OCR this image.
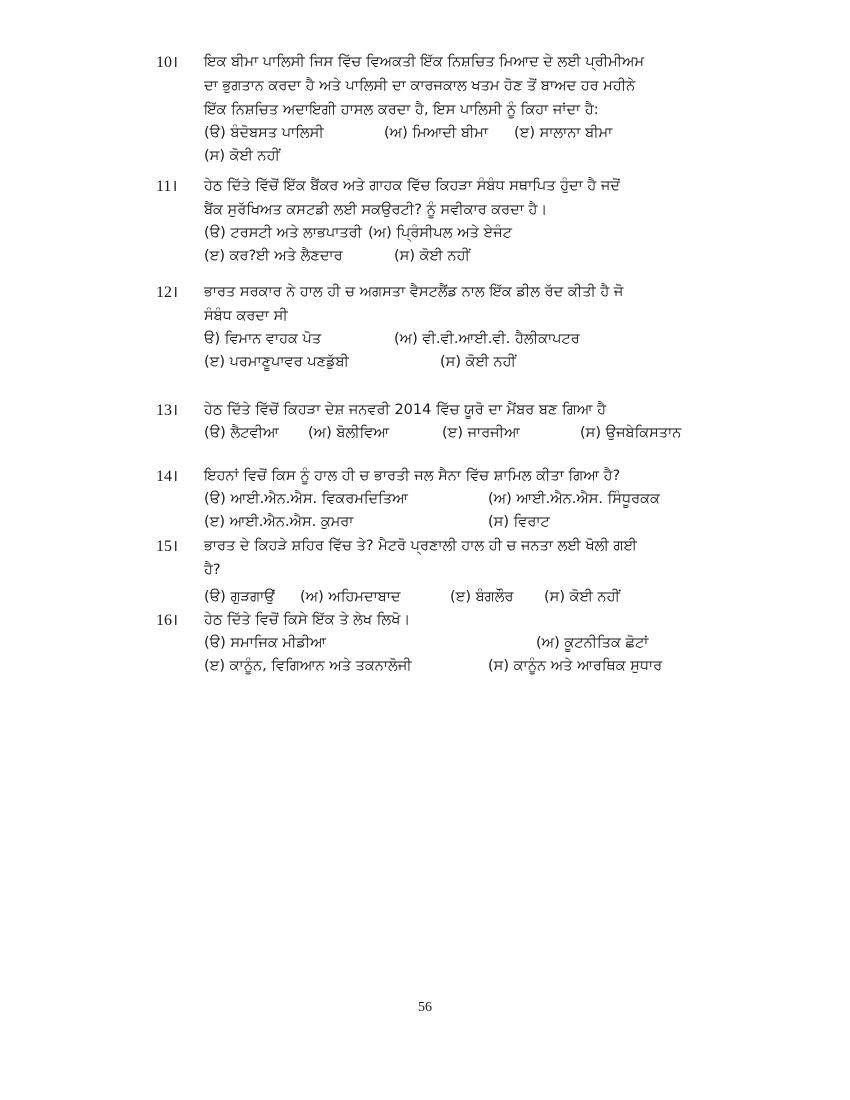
10।	ਇਕ ਬੀਮਾ ਪਾਲਿਸੀ ਜਿਸ ਵਿੱਚ ਵਿਅਕਤੀ ਇੱਕ ਨਿਸ਼ਚਿਤ ਮਿਆਦ ਦੇ ਲਈ ਪ੍ਰੀਮੀਅਮ
ਦਾ ਭੁਗਤਾਨ ਕਰਦਾ ਹੈ ਅਤੇ ਪਾਲਿਸੀ ਦਾ ਕਾਰਜਕਾਲ ਖਤਮ ਹੋਣ ਤੋਂ ਬਾਅਦ ਹਰ ਮਹੀਨੇ
ਇੱਕ ਨਿਸ਼ਚਿਤ ਅਦਾਇਗੀ ਹਾਸਲ ਕਰਦਾ ਹੈ, ਇਸ ਪਾਲਿਸੀ ਨੂੰ ਕਿਹਾ ਜਾਂਦਾ ਹੈ:
(ੳ) ਬੰਦੋਬਸਤ ਪਾਲਿਸੀ	(ਅ) ਮਿਆਦੀ ਬੀਮਾ	(ੲ) ਸਾਲਾਨਾ ਬੀਮਾ
(ਸ) ਕੋਈ ਨਹੀਂ
11।	ਹੇਠ ਦਿੱਤੇ ਵਿੱਚੋਂ ਇੱਕ ਬੈਂਕਰ ਅਤੇ ਗਾਹਕ ਵਿੱਚ ਕਿਹੜਾ ਸੰਬੰਧ ਸਥਾਪਿਤ ਹੁੰਦਾ ਹੈ ਜਦੋਂ
ਬੈਂਕ ਸੁਰੱਖਿਅਤ ਕਸਟਡੀ ਲਈ ਸਕਉਰਟੀ? ਨੂੰ ਸਵੀਕਾਰ ਕਰਦਾ ਹੈ।
(ੳ) ਟਰਸਟੀ ਅਤੇ ਲਾਭਪਾਤਰੀ (ਅ) ਪ੍ਰਿੰਸੀਪਲ ਅਤੇ ਏਜੰਟ
(ੲ) ਕਰ?ਈ ਅਤੇ ਲੈਣਦਾਰ	(ਸ) ਕੋਈ ਨਹੀਂ
12।	ਭਾਰਤ ਸਰਕਾਰ ਨੇ ਹਾਲ ਹੀ ਚ ਅਗਸਤਾ ਵੈਸਟਲੈਂਡ ਨਾਲ ਇੱਕ ਡੀਲ ਰੱਦ ਕੀਤੀ ਹੈ ਜੋ
ਸੰਬੰਧ ਕਰਦਾ ਸੀ
ੳ) ਵਿਮਾਨ ਵਾਹਕ ਪੋਤ	(ਅ) ਵੀ.ਵੀ.ਆਈ.ਵੀ. ਹੈਲੀਕਾਪਟਰ
(ੲ) ਪਰਮਾਣੂਪਾਵਰ ਪਣਡੁੱਬੀ	(ਸ) ਕੋਈ ਨਹੀਂ
13।	ਹੇਠ ਦਿੱਤੇ ਵਿੱਚੋਂ ਕਿਹੜਾ ਦੇਸ਼ ਜਨਵਰੀ 2014 ਵਿੱਚ ਯੂਰੋ ਦਾ ਮੈਂਬਰ ਬਣ ਗਿਆ ਹੈ
(ੳ) ਲੈਟਵੀਆ	(ਅ) ਬੋਲੀਵਿਆ	(ੲ) ਜਾਰਜੀਆ	(ਸ) ਉਜਬੇਕਿਸਤਾਨ
14।	ਇਹਨਾਂ ਵਿਚੋਂ ਕਿਸ ਨੂੰ ਹਾਲ ਹੀ ਚ ਭਾਰਤੀ ਜਲ ਸੈਨਾ ਵਿੱਚ ਸ਼ਾਮਿਲ ਕੀਤਾ ਗਿਆ ਹੈ?
(ੳ) ਆਈ.ਐਨ.ਐਸ. ਵਿਕਰਮਦਿਤਿਆ	(ਅ) ਆਈ.ਐਨ.ਐਸ. ਸਿੰਧੂਰਕਕ
(ੲ) ਆਈ.ਐਨ.ਐਸ. ਕੁਮਰਾ	(ਸ) ਵਿਰਾਟ
15।	ਭਾਰਤ ਦੇ ਕਿਹੜੇ ਸ਼ਹਿਰ ਵਿੱਚ ਤੇ? ਮੈਟਰੋ ਪ੍ਰਣਾਲੀ ਹਾਲ ਹੀ ਚ ਜਨਤਾ ਲਈ ਖੋਲੀ ਗਈ
ਹੈ?
(ੳ) ਗੁੜਗਾਉਂ	(ਅ) ਅਹਿਮਦਾਬਾਦ	(ੲ) ਬੰਗਲੌਰ	(ਸ) ਕੋਈ ਨਹੀਂ
16।	ਹੇਠ ਦਿੱਤੇ ਵਿਚੋਂ ਕਿਸੇ ਇੱਕ ਤੇ ਲੇਖ ਲਿਖੋ।
(ੳ) ਸਮਾਜਿਕ ਮੀਡੀਆ	(ਅ) ਕੂਟਨੀਤਿਕ ਛੋਟਾਂ
(ੲ) ਕਾਨੂੰਨ, ਵਿਗਿਆਨ ਅਤੇ ਤਕਨਾਲੋਜੀ	(ਸ) ਕਾਨੂੰਨ ਅਤੇ ਆਰਥਿਕ ਸੁਧਾਰ
56
